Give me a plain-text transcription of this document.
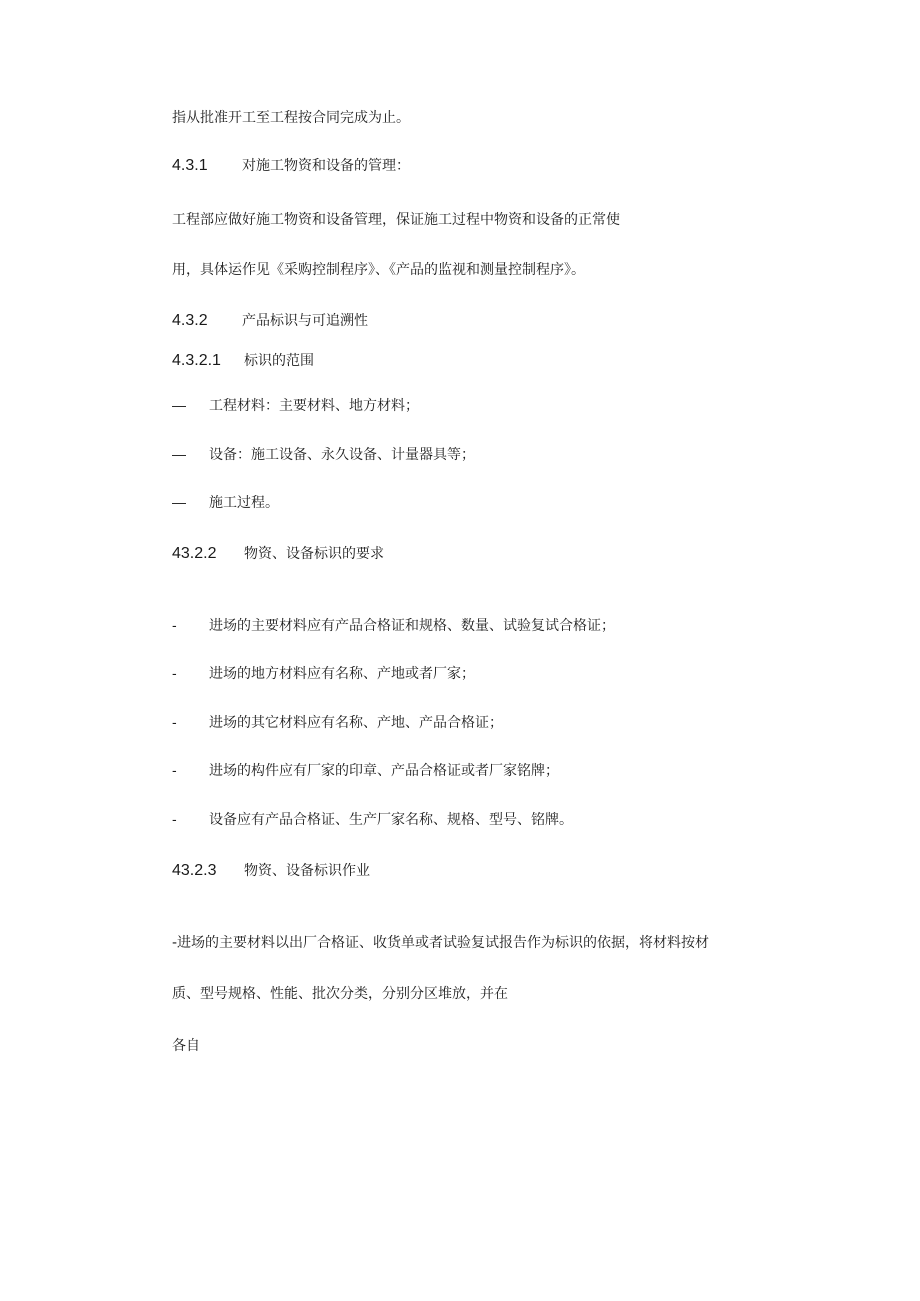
指从批准开工至工程按合同完成为止。
4.3.1 对施工物资和设备的管理：
工程部应做好施工物资和设备管理，保证施工过程中物资和设备的正常使
用，具体运作见《采购控制程序》、《产品的监视和测量控制程序》。
4.3.2 产品标识与可追溯性
4.3.2.1 标识的范围
— 工程材料：主要材料、地方材料；
— 设备：施工设备、永久设备、计量器具等；
— 施工过程。
43.2.2 物资、设备标识的要求
- 进场的主要材料应有产品合格证和规格、数量、试验复试合格证；
- 进场的地方材料应有名称、产地或者厂家；
- 进场的其它材料应有名称、产地、产品合格证；
- 进场的构件应有厂家的印章、产品合格证或者厂家铭牌；
- 设备应有产品合格证、生产厂家名称、规格、型号、铭牌。
43.2.3 物资、设备标识作业
-进场的主要材料以出厂合格证、收货单或者试验复试报告作为标识的依据，将材料按材
质、型号规格、性能、批次分类，分别分区堆放，并在
各自
